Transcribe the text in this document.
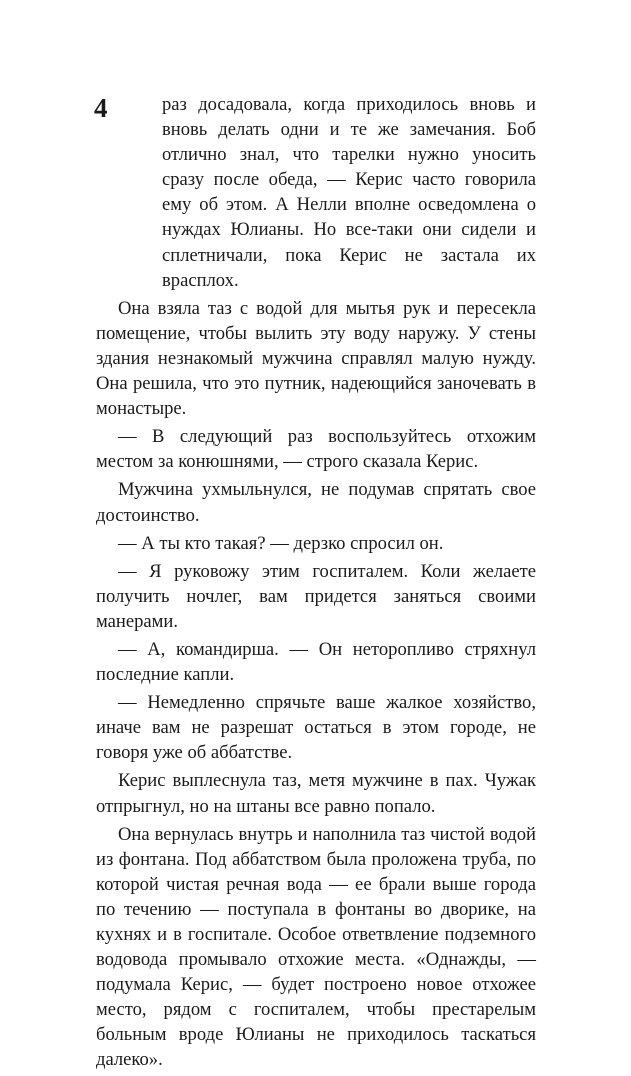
4	раз досадовала, когда приходилось вновь и вновь делать одни и те же замечания. Боб отлично знал, что тарелки нужно уносить сразу после обеда, — Керис часто говорила ему об этом. А Нелли вполне осведомлена о нуждах Юлианы. Но все-таки они сидели и сплетничали, пока Керис не застала их врасплох.

Она взяла таз с водой для мытья рук и пересекла помещение, чтобы вылить эту воду наружу. У стены здания незнакомый мужчина справлял малую нужду. Она решила, что это путник, надеющийся заночевать в монастыре.

— В следующий раз воспользуйтесь отхожим местом за конюшнями, — строго сказала Керис.

Мужчина ухмыльнулся, не подумав спрятать свое достоинство.

— А ты кто такая? — дерзко спросил он.

— Я руковожу этим госпиталем. Коли желаете получить ночлег, вам придется заняться своими манерами.

— А, командирша. — Он неторопливо стряхнул последние капли.

— Немедленно спрячьте ваше жалкое хозяйство, иначе вам не разрешат остаться в этом городе, не говоря уже об аббатстве.

Керис выплеснула таз, метя мужчине в пах. Чужак отпрыгнул, но на штаны все равно попало.

Она вернулась внутрь и наполнила таз чистой водой из фонтана. Под аббатством была проложена труба, по которой чистая речная вода — ее брали выше города по течению — поступала в фонтаны во дворике, на кухнях и в госпитале. Особое ответвление подземного водовода промывало отхожие места. «Однажды, — подумала Керис, — будет построено новое отхожее место, рядом с госпиталем, чтобы престарелым больным вроде Юлианы не приходилось таскаться далеко».
